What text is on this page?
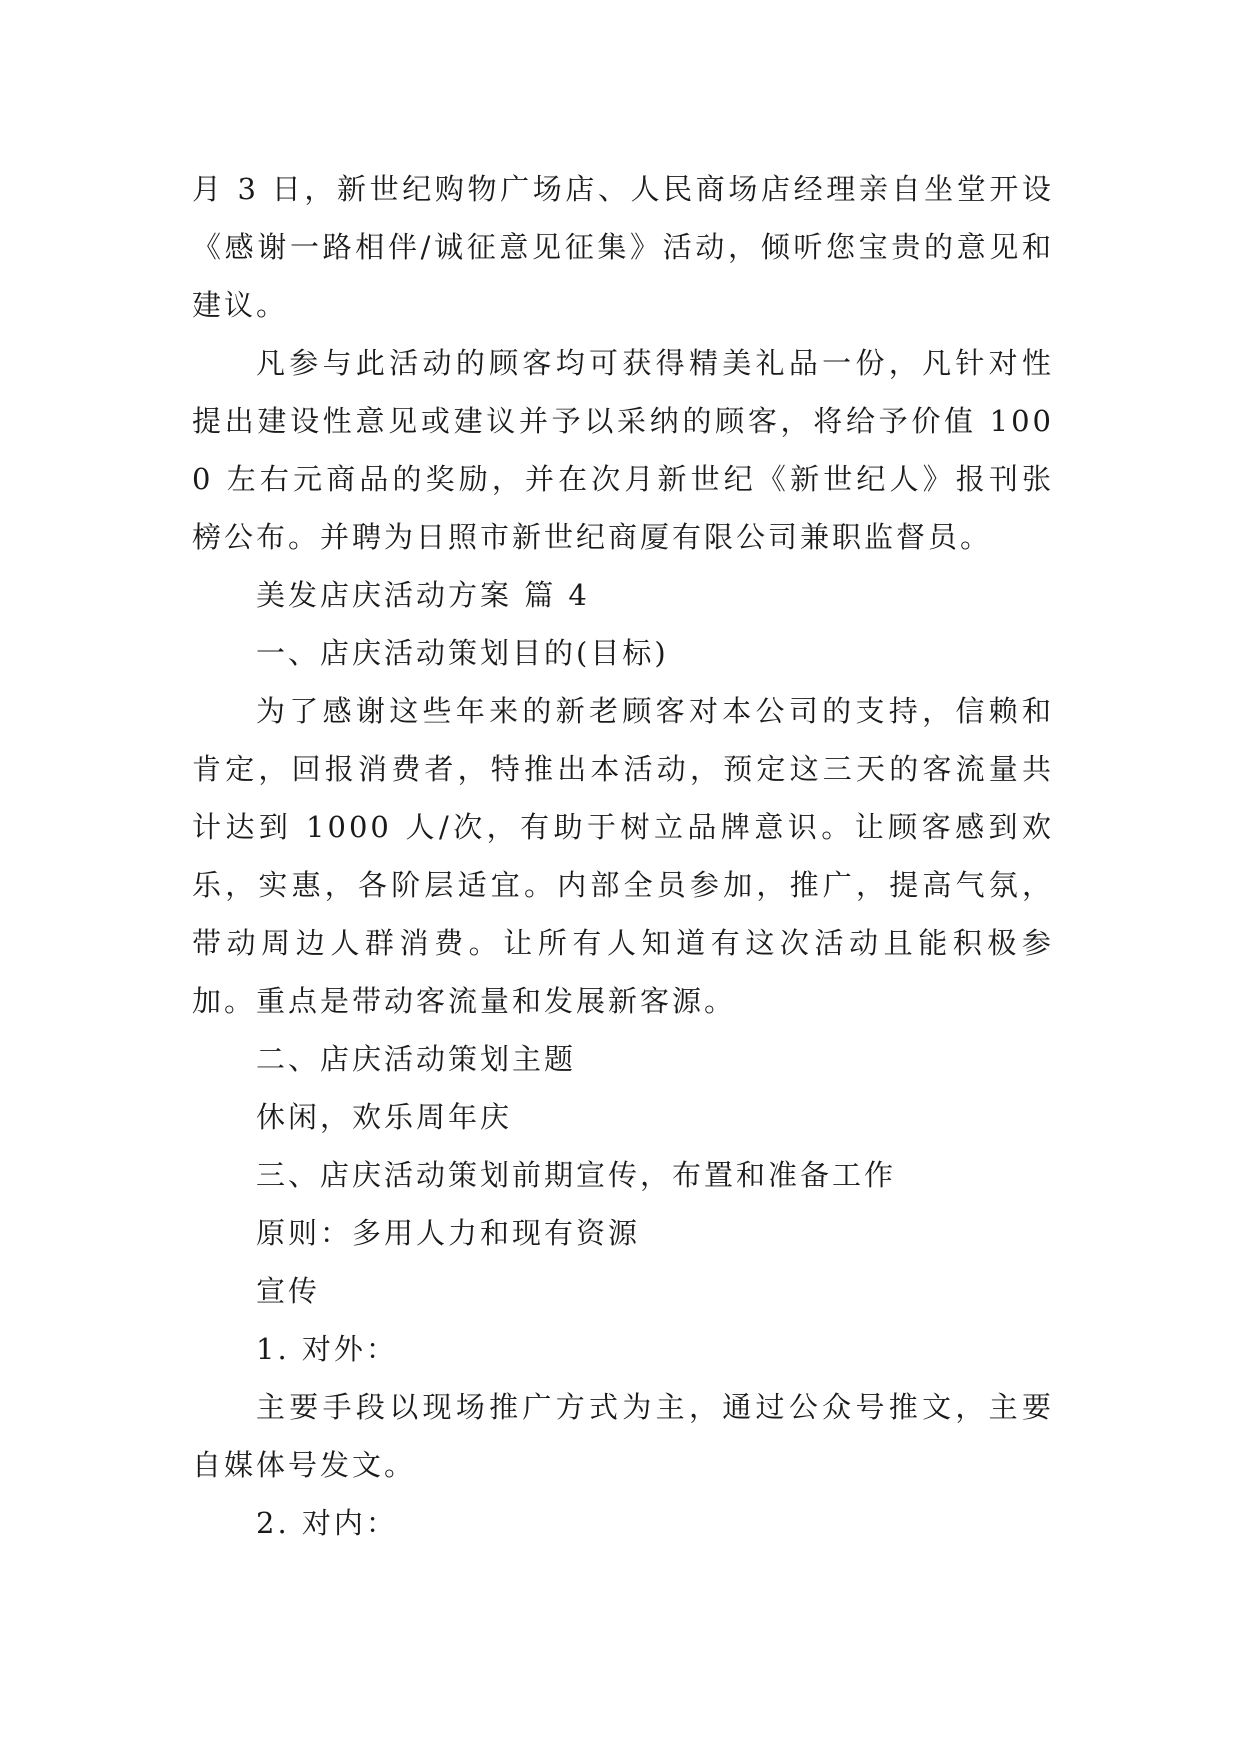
月 3 日，新世纪购物广场店、人民商场店经理亲自坐堂开设《感谢一路相伴/诚征意见征集》活动，倾听您宝贵的意见和建议。

凡参与此活动的顾客均可获得精美礼品一份，凡针对性提出建设性意见或建议并予以采纳的顾客，将给予价值 1000 左右元商品的奖励，并在次月新世纪《新世纪人》报刊张榜公布。并聘为日照市新世纪商厦有限公司兼职监督员。

美发店庆活动方案 篇 4

一、店庆活动策划目的(目标)

为了感谢这些年来的新老顾客对本公司的支持，信赖和肯定，回报消费者，特推出本活动，预定这三天的客流量共计达到 1000 人/次，有助于树立品牌意识。让顾客感到欢乐，实惠，各阶层适宜。内部全员参加，推广，提高气氛，带动周边人群消费。让所有人知道有这次活动且能积极参加。重点是带动客流量和发展新客源。

二、店庆活动策划主题

休闲，欢乐周年庆

三、店庆活动策划前期宣传，布置和准备工作

原则：多用人力和现有资源

宣传

1. 对外：

主要手段以现场推广方式为主，通过公众号推文，主要自媒体号发文。

2. 对内：
